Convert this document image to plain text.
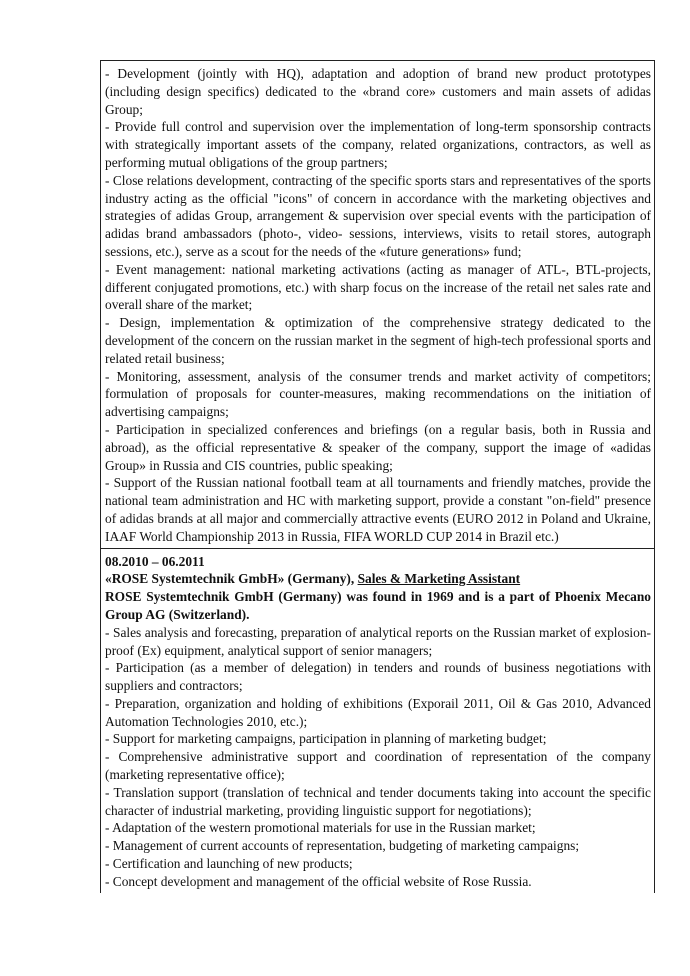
- Development (jointly with HQ), adaptation and adoption of brand new product prototypes (including design specifics) dedicated to the «brand core» customers and main assets of adidas Group;

- Provide full control and supervision over the implementation of long-term sponsorship contracts with strategically important assets of the company, related organizations, contractors, as well as performing mutual obligations of the group partners;

- Close relations development, contracting of the specific sports stars and representatives of the sports industry acting as the official "icons" of concern in accordance with the marketing objectives and strategies of adidas Group, arrangement & supervision over special events with the participation of adidas brand ambassadors (photo-, video- sessions, interviews, visits to retail stores, autograph sessions, etc.), serve as a scout for the needs of the «future generations» fund;

- Event management: national marketing activations (acting as manager of ATL-, BTL-projects, different conjugated promotions, etc.) with sharp focus on the increase of the retail net sales rate and overall share of the market;

- Design, implementation & optimization of the comprehensive strategy dedicated to the development of the concern on the russian market in the segment of high-tech professional sports and related retail business;

- Monitoring, assessment, analysis of the consumer trends and market activity of competitors; formulation of proposals for counter-measures, making recommendations on the initiation of advertising campaigns;

- Participation in specialized conferences and briefings (on a regular basis, both in Russia and abroad), as the official representative & speaker of the company, support the image of «adidas Group» in Russia and CIS countries, public speaking;

- Support of the Russian national football team at all tournaments and friendly matches, provide the national team administration and HC with marketing support, provide a constant "on-field" presence of adidas brands at all major and commercially attractive events (EURO 2012 in Poland and Ukraine, IAAF World Championship 2013 in Russia, FIFA WORLD CUP 2014 in Brazil etc.)

08.2010 – 06.2011

«ROSE Systemtechnik GmbH» (Germany), Sales & Marketing Assistant

ROSE Systemtechnik GmbH (Germany) was found in 1969 and is a part of Phoenix Mecano Group AG (Switzerland).

- Sales analysis and forecasting, preparation of analytical reports on the Russian market of explosion-proof (Ex) equipment, analytical support of senior managers;

- Participation (as a member of delegation) in tenders and rounds of business negotiations with suppliers and contractors;

- Preparation, organization and holding of exhibitions (Exporail 2011, Oil & Gas 2010, Advanced Automation Technologies 2010, etc.);

- Support for marketing campaigns, participation in planning of marketing budget;

- Comprehensive administrative support and coordination of representation of the company (marketing representative office);

- Translation support (translation of technical and tender documents taking into account the specific character of industrial marketing, providing linguistic support for negotiations);

- Adaptation of the western promotional materials for use in the Russian market;

- Management of current accounts of representation, budgeting of marketing campaigns;

- Certification and launching of new products;

- Concept development and management of the official website of Rose Russia.
